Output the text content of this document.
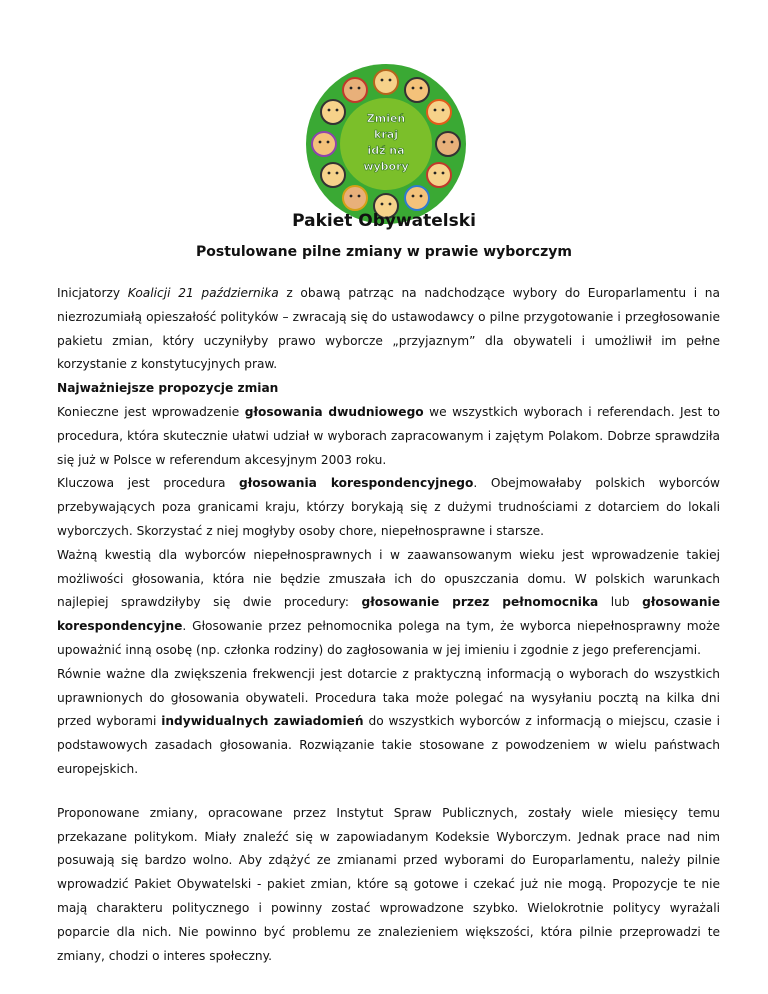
Zmień
kraj
idź na
wybory
Pakiet Obywatelski
Postulowane pilne zmiany w prawie wyborczym

Inicjatorzy Koalicji 21 października z obawą patrząc na nadchodzące wybory do Europarlamentu i na niezrozumiałą opieszałość polityków – zwracają się do ustawodawcy o pilne przygotowanie i przegłosowanie pakietu zmian, który uczyniłyby prawo wyborcze „przyjaznym” dla obywateli i umożliwił im pełne korzystanie z konstytucyjnych praw.

Najważniejsze propozycje zmian

Konieczne jest wprowadzenie głosowania dwudniowego we wszystkich wyborach i referendach. Jest to procedura, która skutecznie ułatwi udział w wyborach zapracowanym i zajętym Polakom. Dobrze sprawdziła się już w Polsce w referendum akcesyjnym 2003 roku.

Kluczowa jest procedura głosowania korespondencyjnego. Obejmowałaby polskich wyborców przebywających poza granicami kraju, którzy borykają się z dużymi trudnościami z dotarciem do lokali wyborczych. Skorzystać z niej mogłyby osoby chore, niepełnosprawne i starsze.

Ważną kwestią dla wyborców niepełnosprawnych i w zaawansowanym wieku jest wprowadzenie takiej możliwości głosowania, która nie będzie zmuszała ich do opuszczania domu. W polskich warunkach najlepiej sprawdziłyby się dwie procedury: głosowanie przez pełnomocnika lub głosowanie korespondencyjne. Głosowanie przez pełnomocnika polega na tym, że wyborca niepełnosprawny może upoważnić inną osobę (np. członka rodziny) do zagłosowania w jej imieniu i zgodnie z jego preferencjami.

Równie ważne dla zwiększenia frekwencji jest dotarcie z praktyczną informacją o wyborach do wszystkich uprawnionych do głosowania obywateli. Procedura taka może polegać na wysyłaniu pocztą na kilka dni przed wyborami indywidualnych zawiadomień do wszystkich wyborców z informacją o miejscu, czasie i podstawowych zasadach głosowania. Rozwiązanie takie stosowane z powodzeniem w wielu państwach europejskich.

Proponowane zmiany, opracowane przez Instytut Spraw Publicznych, zostały wiele miesięcy temu przekazane politykom. Miały znaleźć się w zapowiadanym Kodeksie Wyborczym. Jednak prace nad nim posuwają się bardzo wolno. Aby zdążyć ze zmianami przed wyborami do Europarlamentu, należy pilnie wprowadzić Pakiet Obywatelski - pakiet zmian, które są gotowe i czekać już nie mogą. Propozycje te nie mają charakteru politycznego i powinny zostać wprowadzone szybko. Wielokrotnie politycy wyrażali poparcie dla nich. Nie powinno być problemu ze znalezieniem większości, która pilnie przeprowadzi te zmiany, chodzi o interes społeczny.
